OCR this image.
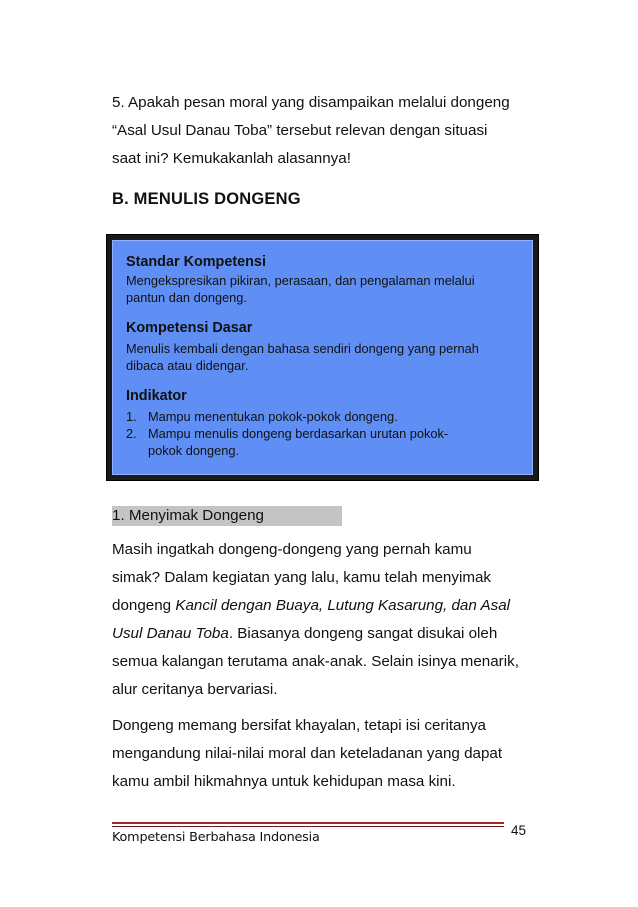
5. Apakah pesan moral yang disampaikan melalui dongeng
“Asal Usul Danau Toba” tersebut relevan dengan situasi
saat ini? Kemukakanlah alasannya!
B. MENULIS DONGENG
Standar Kompetensi
Mengekspresikan pikiran, perasaan, dan pengalaman melalui
pantun dan dongeng.
Kompetensi Dasar
Menulis kembali dengan bahasa sendiri dongeng yang pernah
dibaca atau didengar.
Indikator
1. Mampu menentukan pokok-pokok dongeng.
2. Mampu menulis dongeng berdasarkan urutan pokok-
pokok dongeng.
1. Menyimak Dongeng
Masih ingatkah dongeng-dongeng yang pernah kamu
simak? Dalam kegiatan yang lalu, kamu telah menyimak
dongeng Kancil dengan Buaya, Lutung Kasarung, dan Asal
Usul Danau Toba. Biasanya dongeng sangat disukai oleh
semua kalangan terutama anak-anak. Selain isinya menarik,
alur ceritanya bervariasi.
Dongeng memang bersifat khayalan, tetapi isi ceritanya
mengandung nilai-nilai moral dan keteladanan yang dapat
kamu ambil hikmahnya untuk kehidupan masa kini.
Kompetensi Berbahasa Indonesia	45
